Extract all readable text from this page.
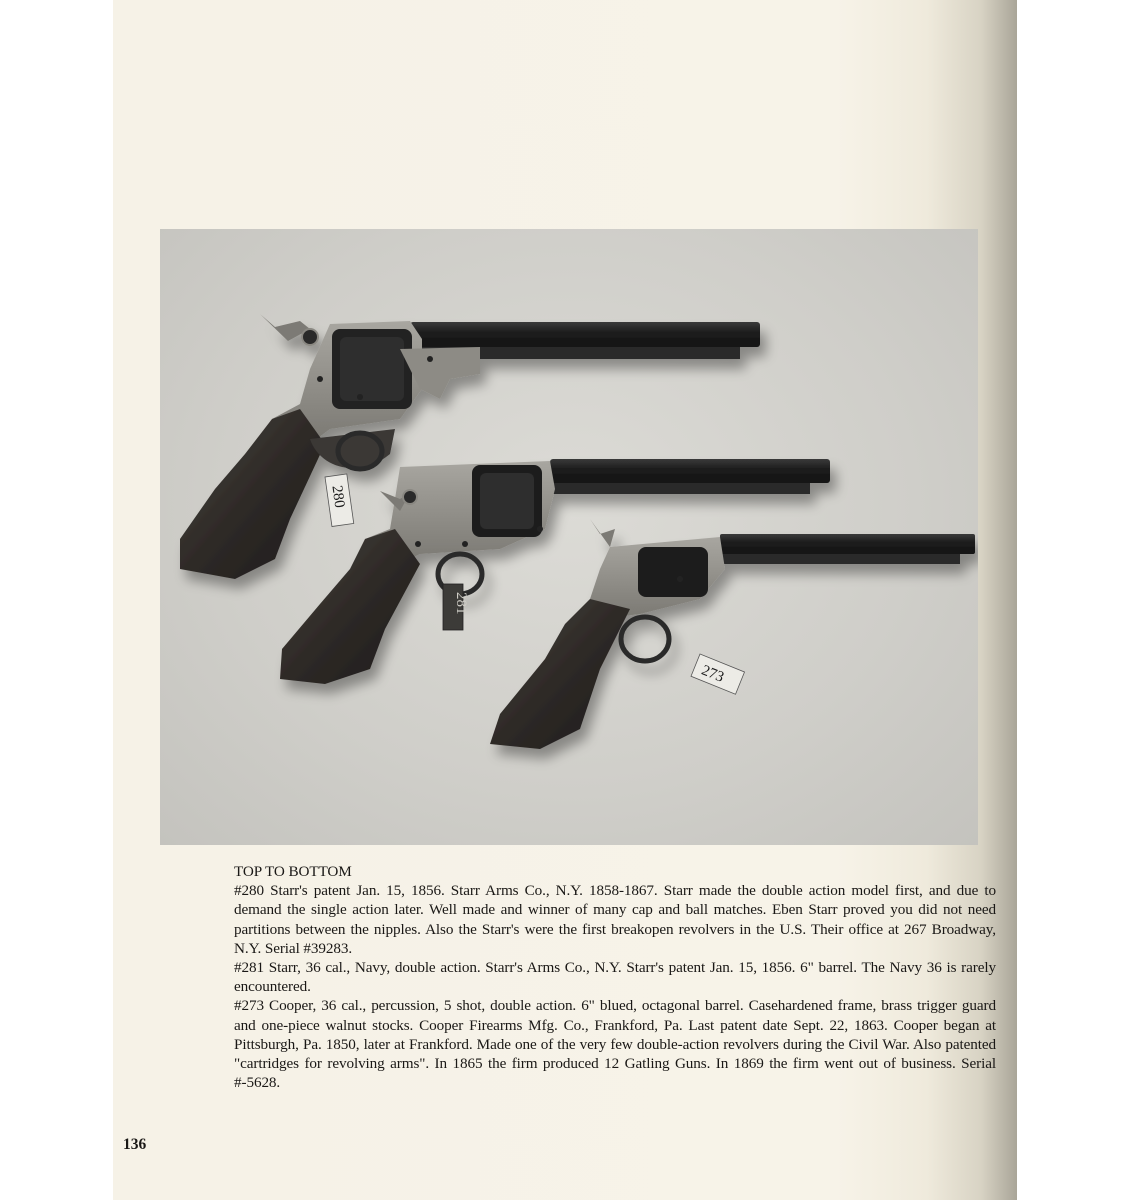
280
281
273
TOP TO BOTTOM
#280 Starr's patent Jan. 15, 1856. Starr Arms Co., N.Y. 1858-1867. Starr made the double action model first, and due to demand the single action later. Well made and winner of many cap and ball matches. Eben Starr proved you did not need partitions between the nipples. Also the Starr's were the first breakopen revolvers in the U.S. Their office at 267 Broadway, N.Y. Serial #39283.
#281 Starr, 36 cal., Navy, double action. Starr's Arms Co., N.Y. Starr's patent Jan. 15, 1856. 6" barrel. The Navy 36 is rarely encountered.
#273 Cooper, 36 cal., percussion, 5 shot, double action. 6" blued, octagonal barrel. Casehardened frame, brass trigger guard and one-piece walnut stocks. Cooper Firearms Mfg. Co., Frankford, Pa. Last patent date Sept. 22, 1863. Cooper began at Pittsburgh, Pa. 1850, later at Frankford. Made one of the very few double-action revolvers during the Civil War. Also patented "cartridges for revolving arms". In 1865 the firm produced 12 Gatling Guns. In 1869 the firm went out of business. Serial #-5628.
136
